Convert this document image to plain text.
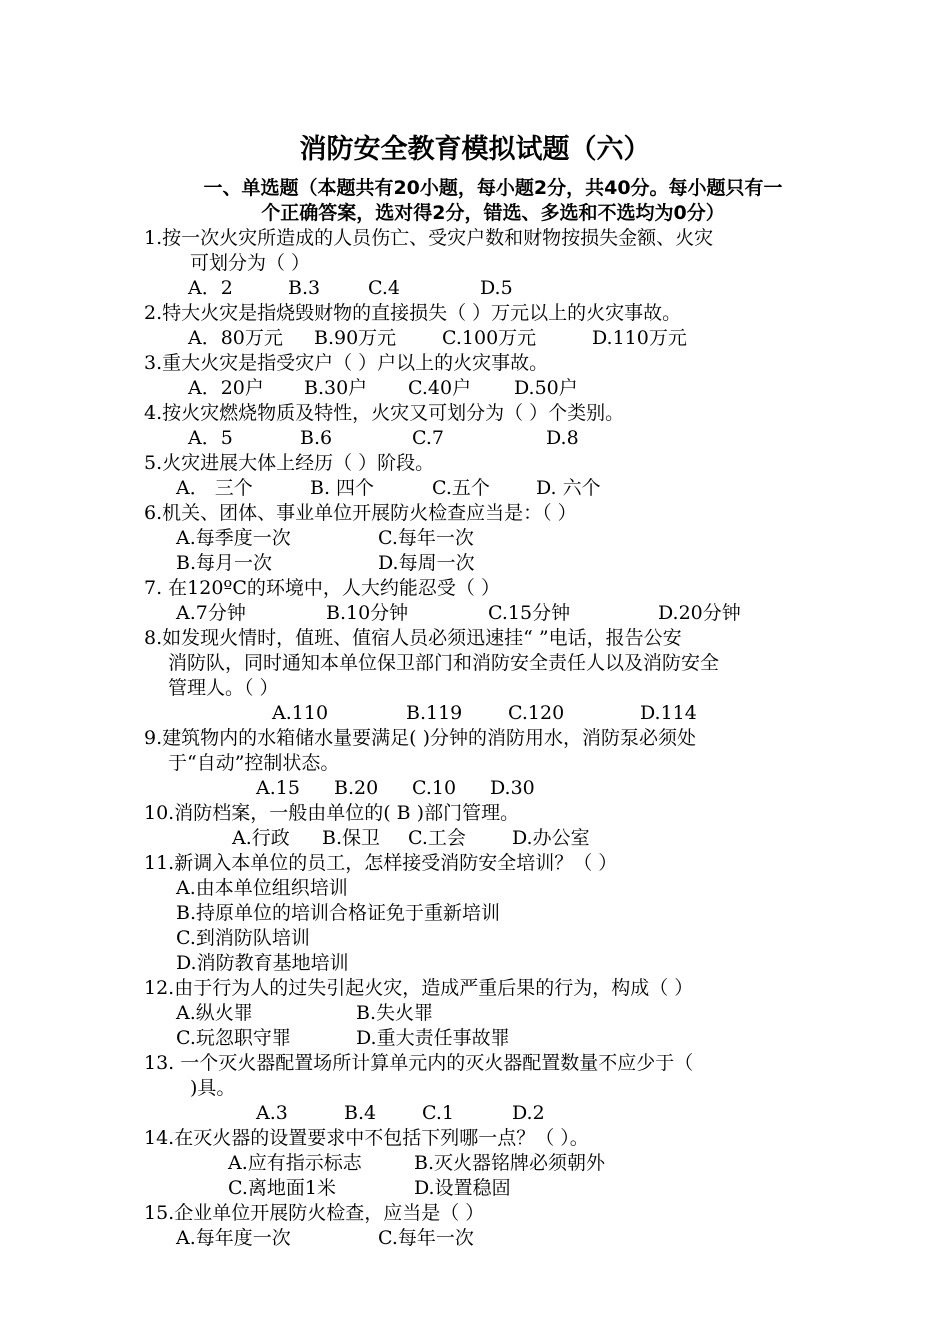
消防安全教育模拟试题（六）
一、单选题（本题共有20小题，每小题2分，共40分。每小题只有一
个正确答案，选对得2分，错选、多选和不选均为0分）
1.按一次火灾所造成的人员伤亡、受灾户数和财物按损失金额、火灾
可划分为（ ）
A．2	B.3	C.4	D.5
2.特大火灾是指烧毁财物的直接损失（ ）万元以上的火灾事故。
A．80万元 B.90万元 C.100万元	D.110万元
3.重大火灾是指受灾户（ ）户以上的火灾事故。
A．20户 B.30户 C.40户 D.50户
4.按火灾燃烧物质及特性，火灾又可划分为（ ）个类别。
A．5	B.6	C.7	D.8
5.火灾进展大体上经历（ ）阶段。
A． 三个	B. 四个	C.五个 D. 六个
6.机关、团体、事业单位开展防火检查应当是：（ ）
A.每季度一次	C.每年一次
B.每月一次	D.每周一次
7. 在120ºC的环境中，人大约能忍受（ ）
A.7分钟	B.10分钟	C.15分钟	D.20分钟
8.如发现火情时，值班、值宿人员必须迅速挂“ ”电话，报告公安
消防队，同时通知本单位保卫部门和消防安全责任人以及消防安全
管理人。（ ）
A.110	B.119 C.120	D.114
9.建筑物内的水箱储水量要满足( )分钟的消防用水，消防泵必须处
于“自动”控制状态。
A.15 B.20 C.10 D.30
10.消防档案，一般由单位的( B )部门管理。
A.行政 B.保卫 C.工会 D.办公室
11.新调入本单位的员工，怎样接受消防安全培训？（ ）
A.由本单位组织培训
B.持原单位的培训合格证免于重新培训
C.到消防队培训
D.消防教育基地培训
12.由于行为人的过失引起火灾，造成严重后果的行为，构成（ ）
A.纵火罪	B.失火罪
C.玩忽职守罪	D.重大责任事故罪
13. 一个灭火器配置场所计算单元内的灭火器配置数量不应少于（
)具。
A.3	B.4 C.1	D.2
14.在灭火器的设置要求中不包括下列哪一点？（ ）。
A.应有指示标志	B.灭火器铭牌必须朝外
C.离地面1米	D.设置稳固
15.企业单位开展防火检查，应当是（ ）
A.每年度一次	C.每年一次
